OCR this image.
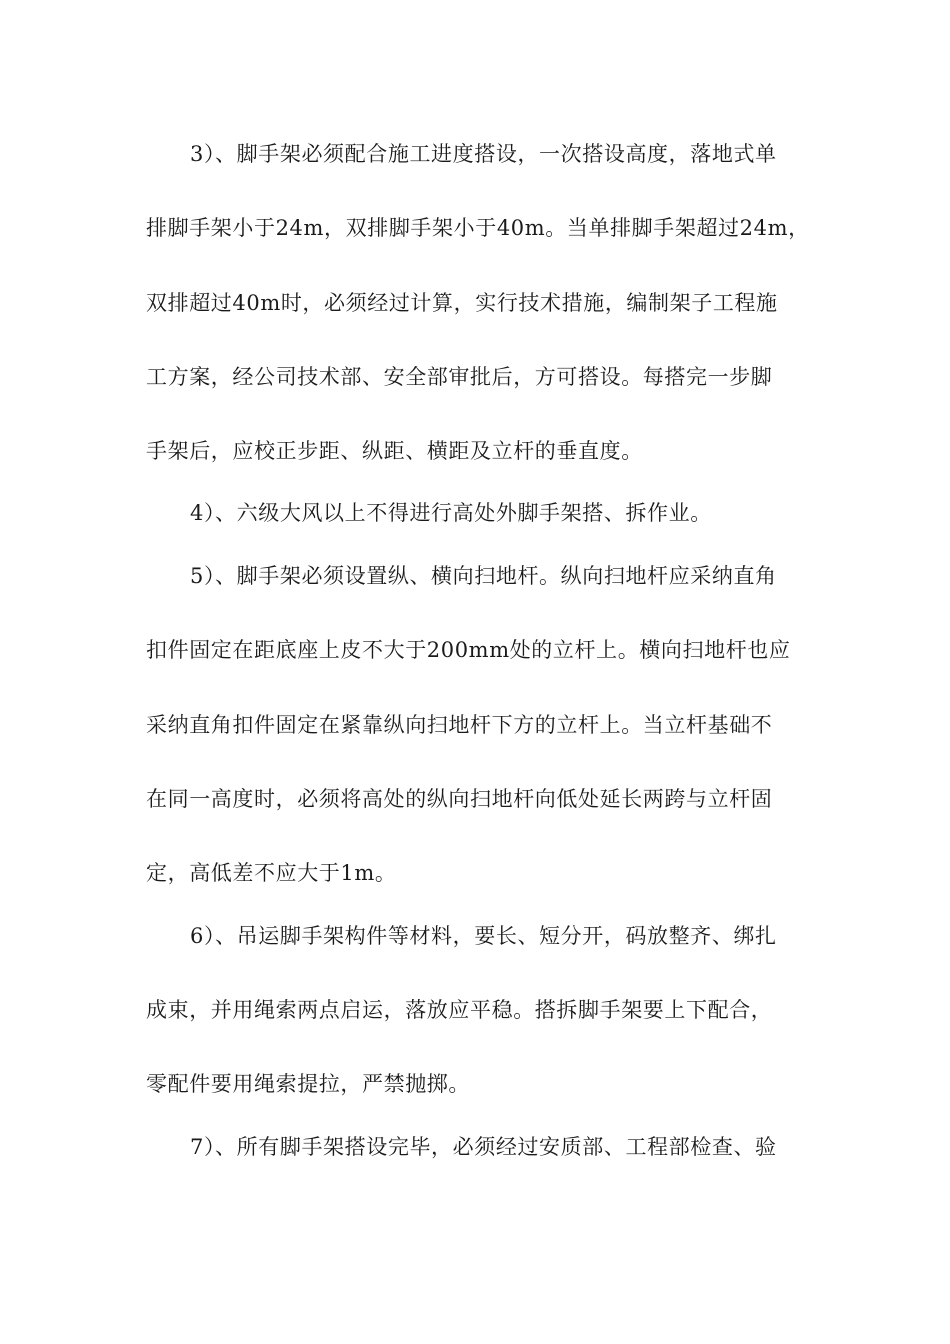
3）、脚手架必须配合施工进度搭设，一次搭设高度，落地式单
排脚手架小于24m，双排脚手架小于40m。当单排脚手架超过24m，
双排超过40m时，必须经过计算，实行技术措施，编制架子工程施
工方案，经公司技术部、安全部审批后，方可搭设。每搭完一步脚
手架后，应校正步距、纵距、横距及立杆的垂直度。
4）、六级大风以上不得进行高处外脚手架搭、拆作业。
5）、脚手架必须设置纵、横向扫地杆。纵向扫地杆应采纳直角
扣件固定在距底座上皮不大于200mm处的立杆上。横向扫地杆也应
采纳直角扣件固定在紧靠纵向扫地杆下方的立杆上。当立杆基础不
在同一高度时，必须将高处的纵向扫地杆向低处延长两跨与立杆固
定，高低差不应大于1m。
6）、吊运脚手架构件等材料，要长、短分开，码放整齐、绑扎
成束，并用绳索两点启运，落放应平稳。搭拆脚手架要上下配合，
零配件要用绳索提拉，严禁抛掷。
7）、所有脚手架搭设完毕，必须经过安质部、工程部检查、验
